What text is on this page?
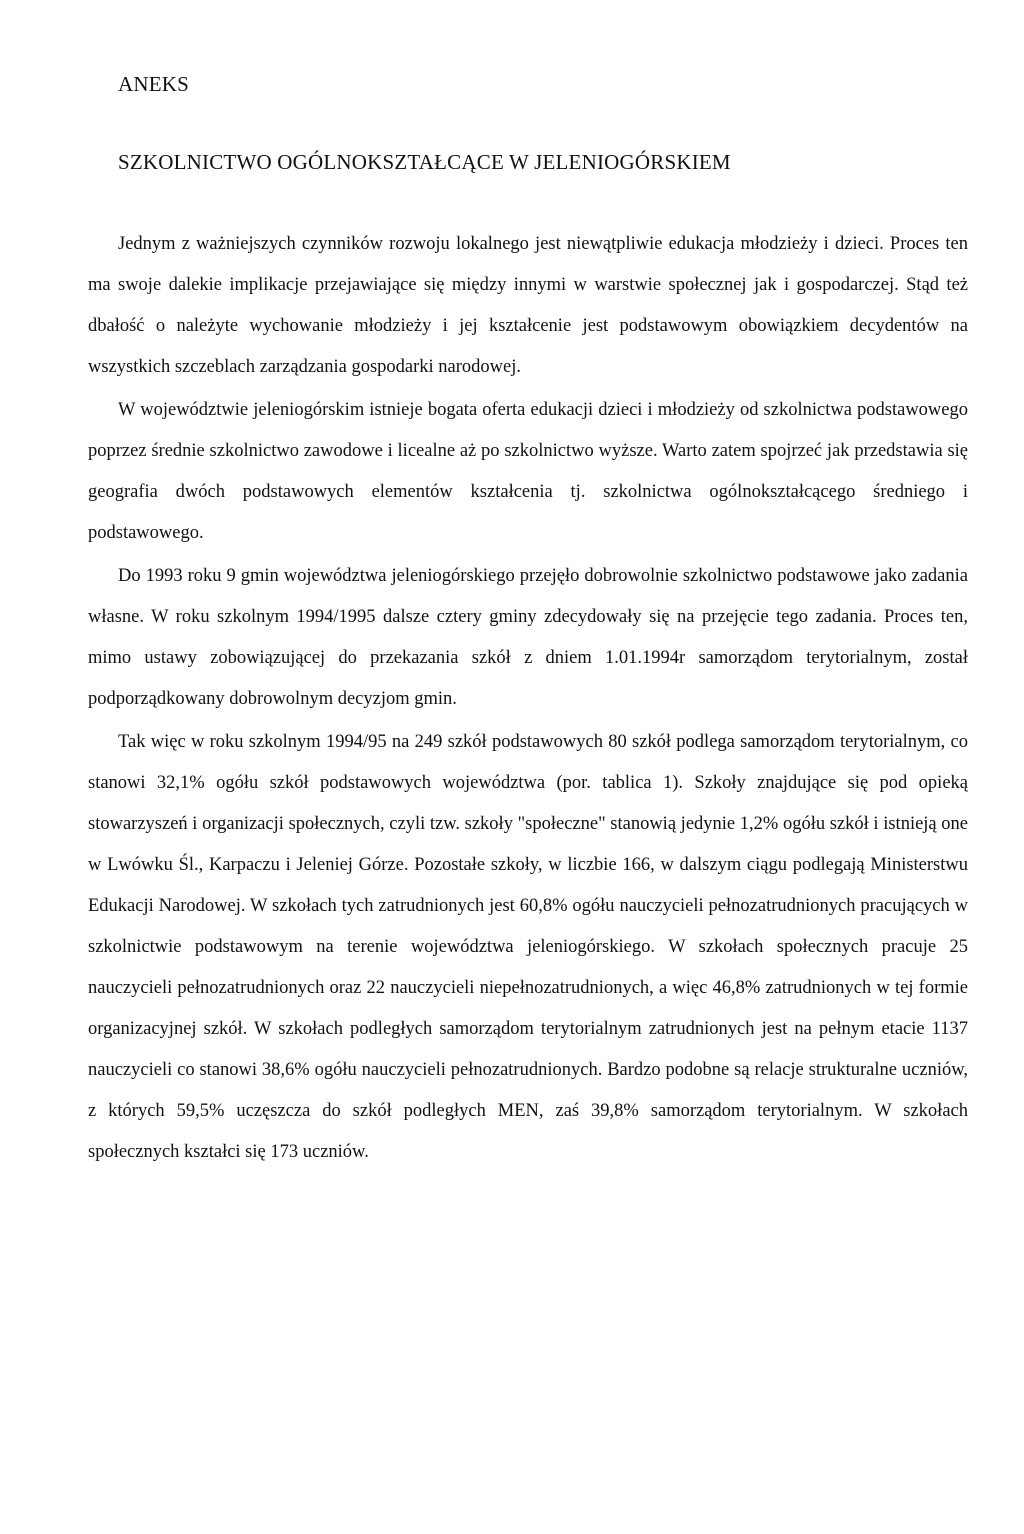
ANEKS
SZKOLNICTWO OGÓLNOKSZTAŁCĄCE W JELENIOGÓRSKIEM

Jednym z ważniejszych czynników rozwoju lokalnego jest niewątpliwie edukacja młodzieży i dzieci. Proces ten ma swoje dalekie implikacje przejawiające się między innymi w warstwie społecznej jak i gospodarczej. Stąd też dbałość o należyte wychowanie młodzieży i jej kształcenie jest podstawowym obowiązkiem decydentów na wszystkich szczeblach zarządzania gospodarki narodowej.

W województwie jeleniogórskim istnieje bogata oferta edukacji dzieci i młodzieży od szkolnictwa podstawowego poprzez średnie szkolnictwo zawodowe i licealne aż po szkolnictwo wyższe. Warto zatem spojrzeć jak przedstawia się geografia dwóch podstawowych elementów kształcenia tj. szkolnictwa ogólnokształcącego średniego i podstawowego.

Do 1993 roku 9 gmin województwa jeleniogórskiego przejęło dobrowolnie szkolnictwo podstawowe jako zadania własne. W roku szkolnym 1994/1995 dalsze cztery gminy zdecydowały się na przejęcie tego zadania. Proces ten, mimo ustawy zobowiązującej do przekazania szkół z dniem 1.01.1994r samorządom terytorialnym, został podporządkowany dobrowolnym decyzjom gmin.

Tak więc w roku szkolnym 1994/95 na 249 szkół podstawowych 80 szkół podlega samorządom terytorialnym, co stanowi 32,1% ogółu szkół podstawowych województwa (por. tablica 1). Szkoły znajdujące się pod opieką stowarzyszeń i organizacji społecznych, czyli tzw. szkoły "społeczne" stanowią jedynie 1,2% ogółu szkół i istnieją one w Lwówku Śl., Karpaczu i Jeleniej Górze. Pozostałe szkoły, w liczbie 166, w dalszym ciągu podlegają Ministerstwu Edukacji Narodowej. W szkołach tych zatrudnionych jest 60,8% ogółu nauczycieli pełnozatrudnionych pracujących w szkolnictwie podstawowym na terenie województwa jeleniogórskiego. W szkołach społecznych pracuje 25 nauczycieli pełnozatrudnionych oraz 22 nauczycieli niepełnozatrudnionych, a więc 46,8% zatrudnionych w tej formie organizacyjnej szkół. W szkołach podległych samorządom terytorialnym zatrudnionych jest na pełnym etacie 1137 nauczycieli co stanowi 38,6% ogółu nauczycieli pełnozatrudnionych. Bardzo podobne są relacje strukturalne uczniów, z których 59,5% uczęszcza do szkół podległych MEN, zaś 39,8% samorządom terytorialnym. W szkołach społecznych kształci się 173 uczniów.
